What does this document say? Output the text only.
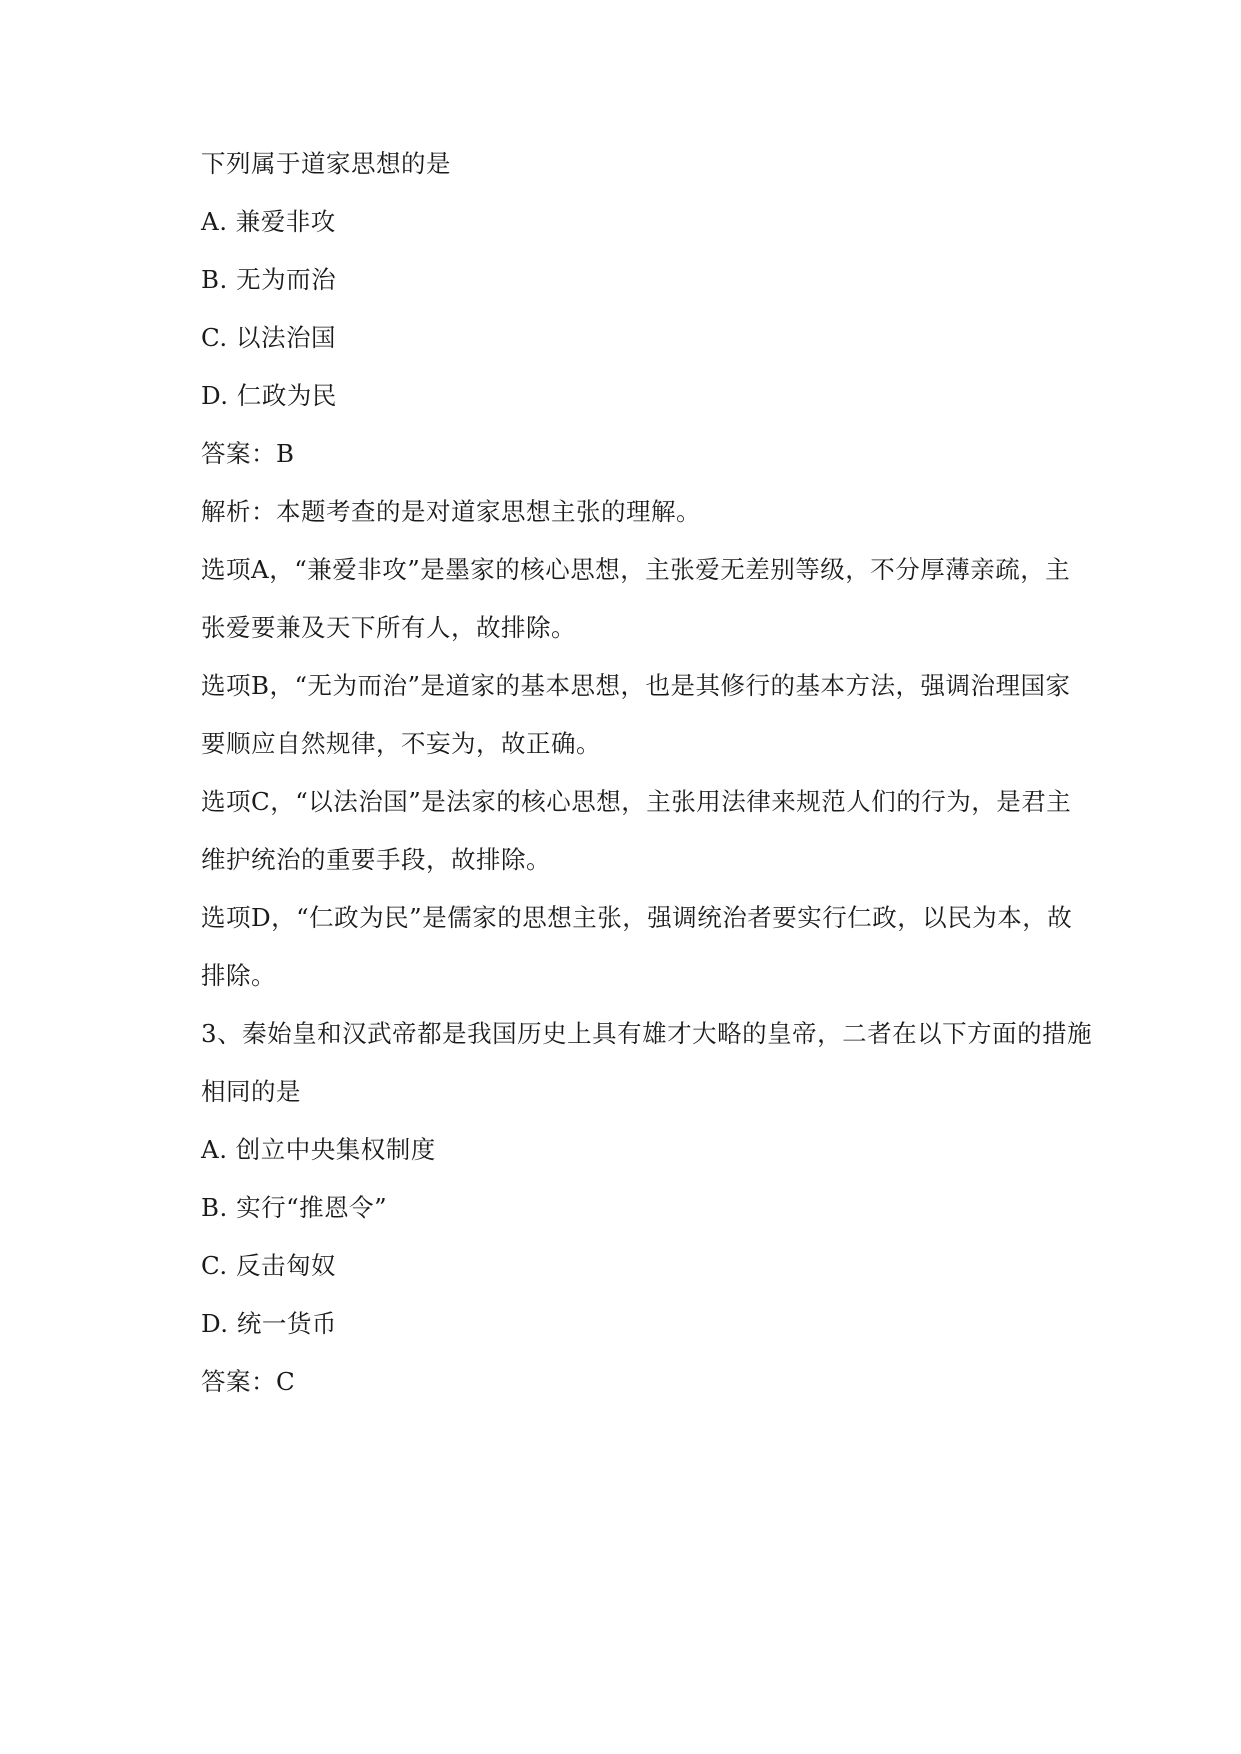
下列属于道家思想的是
A. 兼爱非攻
B. 无为而治
C. 以法治国
D. 仁政为民
答案：B
解析：本题考查的是对道家思想主张的理解。
选项A，“兼爱非攻”是墨家的核心思想，主张爱无差别等级，不分厚薄亲疏，主
张爱要兼及天下所有人，故排除。
选项B，“无为而治”是道家的基本思想，也是其修行的基本方法，强调治理国家
要顺应自然规律，不妄为，故正确。
选项C，“以法治国”是法家的核心思想，主张用法律来规范人们的行为，是君主
维护统治的重要手段，故排除。
选项D，“仁政为民”是儒家的思想主张，强调统治者要实行仁政，以民为本，故
排除。
3、秦始皇和汉武帝都是我国历史上具有雄才大略的皇帝，二者在以下方面的措施
相同的是
A. 创立中央集权制度
B. 实行“推恩令”
C. 反击匈奴
D. 统一货币
答案：C
